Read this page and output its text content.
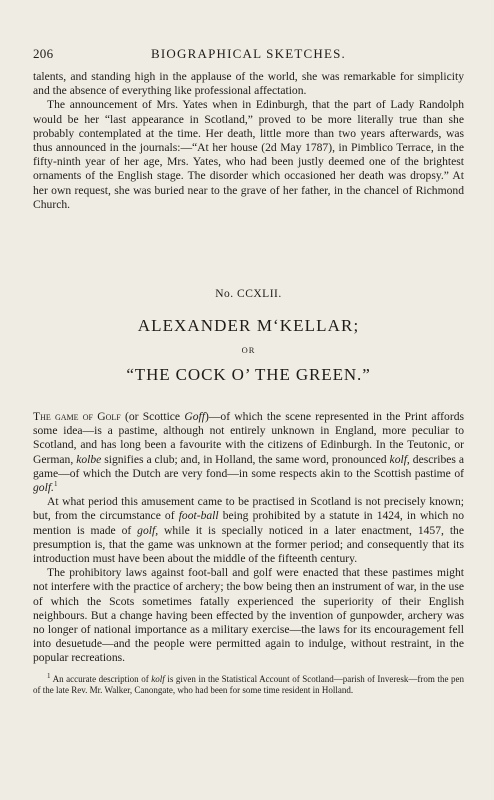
206	BIOGRAPHICAL SKETCHES.

talents, and standing high in the applause of the world, she was remarkable for simplicity and the absence of everything like professional affectation.

The announcement of Mrs. Yates when in Edinburgh, that the part of Lady Randolph would be her “last appearance in Scotland,” proved to be more literally true than she probably contemplated at the time. Her death, little more than two years afterwards, was thus announced in the journals:—“At her house (2d May 1787), in Pimblico Terrace, in the fifty-ninth year of her age, Mrs. Yates, who had been justly deemed one of the brightest ornaments of the English stage. The disorder which occasioned her death was dropsy.” At her own request, she was buried near to the grave of her father, in the chancel of Richmond Church.

No. CCXLII.
ALEXANDER M‘KELLAR;
OR
“THE COCK O’ THE GREEN.”

The game of Golf (or Scottice Goff)—of which the scene represented in the Print affords some idea—is a pastime, although not entirely unknown in England, more peculiar to Scotland, and has long been a favourite with the citizens of Edinburgh. In the Teutonic, or German, kolbe signifies a club; and, in Holland, the same word, pronounced kolf, describes a game—of which the Dutch are very fond—in some respects akin to the Scottish pastime of golf.$^1$

At what period this amusement came to be practised in Scotland is not precisely known; but, from the circumstance of foot-ball being prohibited by a statute in 1424, in which no mention is made of golf, while it is specially noticed in a later enactment, 1457, the presumption is, that the game was unknown at the former period; and consequently that its introduction must have been about the middle of the fifteenth century.

The prohibitory laws against foot-ball and golf were enacted that these pastimes might not interfere with the practice of archery; the bow being then an instrument of war, in the use of which the Scots sometimes fatally experienced the superiority of their English neighbours. But a change having been effected by the invention of gunpowder, archery was no longer of national importance as a military exercise—the laws for its encouragement fell into desuetude—and the people were permitted again to indulge, without restraint, in the popular recreations.

$^1$ An accurate description of kolf is given in the Statistical Account of Scotland—parish of Inveresk—from the pen of the late Rev. Mr. Walker, Canongate, who had been for some time resident in Holland.
